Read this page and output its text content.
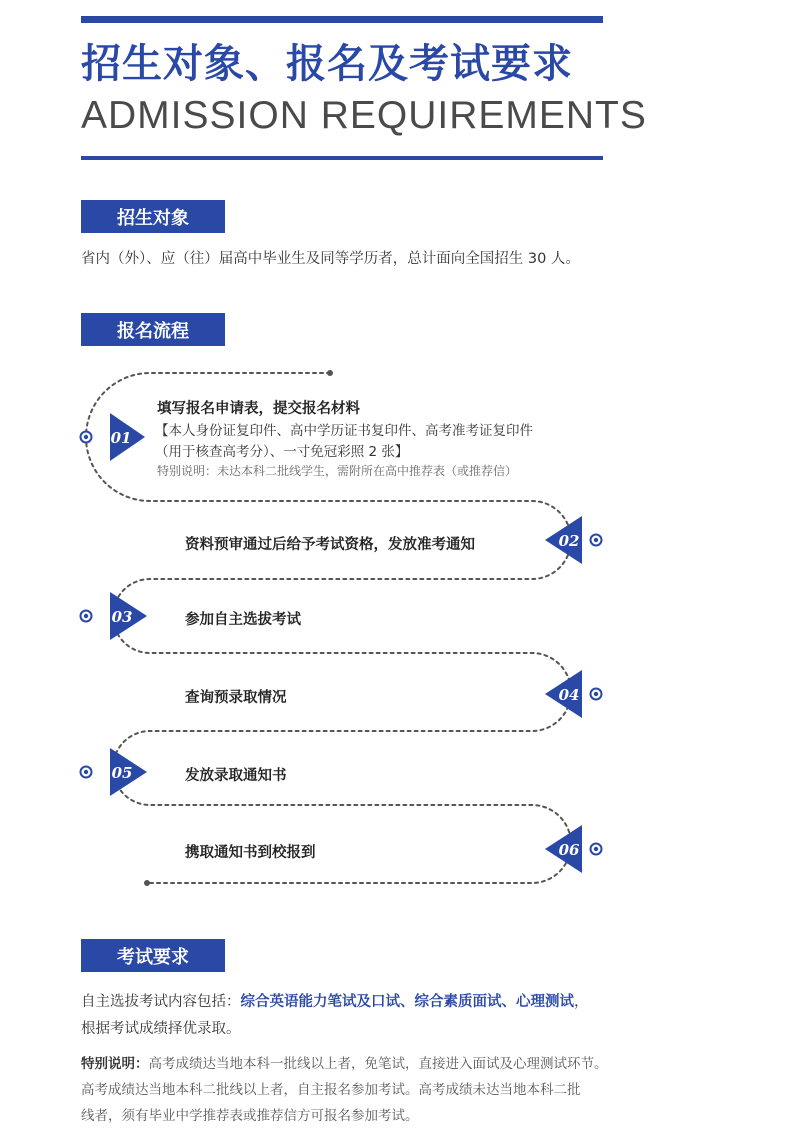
招生对象、报名及考试要求
ADMISSION REQUIREMENTS
招生对象
省内（外）、应（往）届高中毕业生及同等学历者，总计面向全国招生 30 人。
报名流程
01
02
03
04
05
06
填写报名申请表，提交报名材料
【本人身份证复印件、高中学历证书复印件、高考准考证复印件
（用于核查高考分）、一寸免冠彩照 2 张】
特别说明：未达本科二批线学生，需附所在高中推荐表（或推荐信）
资料预审通过后给予考试资格，发放准考通知
参加自主选拔考试
查询预录取情况
发放录取通知书
携取通知书到校报到
考试要求
自主选拔考试内容包括：综合英语能力笔试及口试、综合素质面试、心理测试，
根据考试成绩择优录取。
特别说明：高考成绩达当地本科一批线以上者，免笔试，直接进入面试及心理测试环节。
高考成绩达当地本科二批线以上者，自主报名参加考试。高考成绩未达当地本科二批
线者，须有毕业中学推荐表或推荐信方可报名参加考试。
